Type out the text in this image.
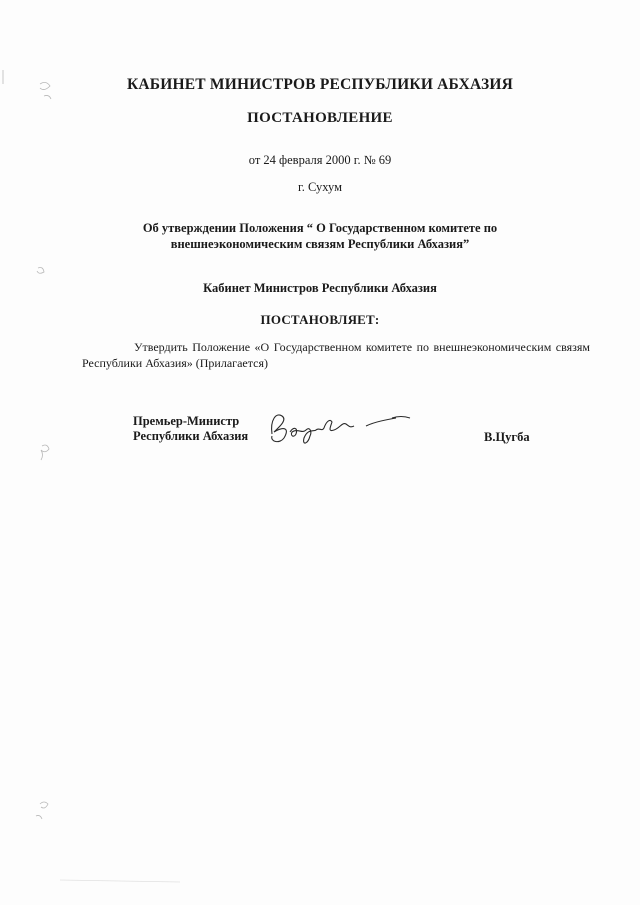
КАБИНЕТ МИНИСТРОВ РЕСПУБЛИКИ АБХАЗИЯ
ПОСТАНОВЛЕНИЕ
от 24 февраля 2000 г. № 69
г. Сухум
Об утверждении Положения “ О Государственном комитете по
внешнеэкономическим связям Республики Абхазия”
Кабинет Министров Республики Абхазия
ПОСТАНОВЛЯЕТ:
Утвердить Положение «О Государственном комитете по внешнеэкономическим связям Республики Абхазия» (Прилагается)
Премьер-Министр
Республики Абхазия	В.Цугба
